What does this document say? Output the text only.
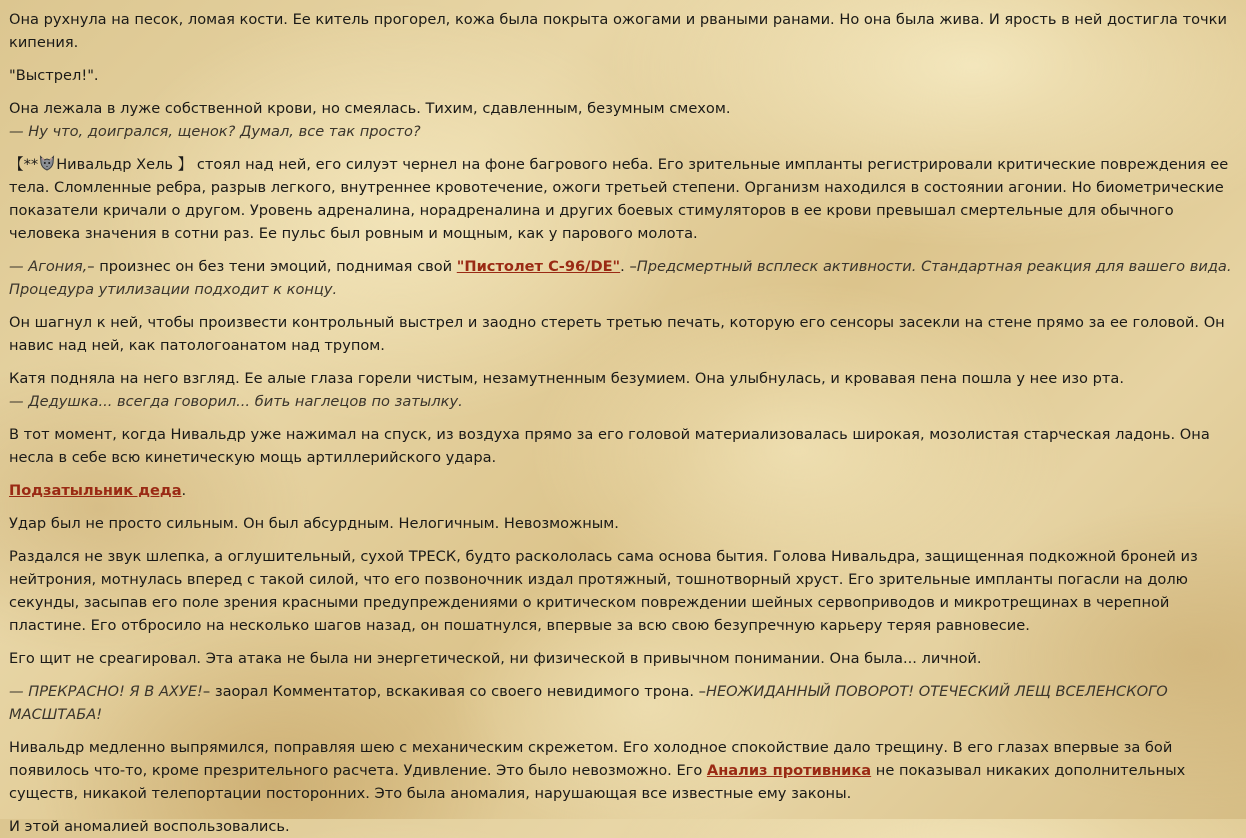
Она рухнула на песок, ломая кости. Ее китель прогорел, кожа была покрыта ожогами и рваными ранами. Но она была жива. И ярость в ней достигла точки кипения.

"Выстрел!".

Она лежала в луже собственной крови, но смеялась. Тихим, сдавленным, безумным смехом.
— Ну что, доигрался, щенок? Думал, все так просто?

【** Нивальдр Хель 】 стоял над ней, его силуэт чернел на фоне багрового неба. Его зрительные импланты регистрировали критические повреждения ее тела. Сломленные ребра, разрыв легкого, внутреннее кровотечение, ожоги третьей степени. Организм находился в состоянии агонии. Но биометрические показатели кричали о другом. Уровень адреналина, норадреналина и других боевых стимуляторов в ее крови превышал смертельные для обычного человека значения в сотни раз. Ее пульс был ровным и мощным, как у парового молота.

— Агония,– произнес он без тени эмоций, поднимая свой "Пистолет С-96/DE". –Предсмертный всплеск активности. Стандартная реакция для вашего вида. Процедура утилизации подходит к концу.

Он шагнул к ней, чтобы произвести контрольный выстрел и заодно стереть третью печать, которую его сенсоры засекли на стене прямо за ее головой. Он навис над ней, как патологоанатом над трупом.

Катя подняла на него взгляд. Ее алые глаза горели чистым, незамутненным безумием. Она улыбнулась, и кровавая пена пошла у нее изо рта.
— Дедушка... всегда говорил... бить наглецов по затылку.

В тот момент, когда Нивальдр уже нажимал на спуск, из воздуха прямо за его головой материализовалась широкая, мозолистая старческая ладонь. Она несла в себе всю кинетическую мощь артиллерийского удара.

Подзатыльник деда.

Удар был не просто сильным. Он был абсурдным. Нелогичным. Невозможным.

Раздался не звук шлепка, а оглушительный, сухой ТРЕСК, будто раскололась сама основа бытия. Голова Нивальдра, защищенная подкожной броней из нейтрония, мотнулась вперед с такой силой, что его позвоночник издал протяжный, тошнотворный хруст. Его зрительные импланты погасли на долю секунды, засыпав его поле зрения красными предупреждениями о критическом повреждении шейных сервоприводов и микротрещинах в черепной пластине. Его отбросило на несколько шагов назад, он пошатнулся, впервые за всю свою безупречную карьеру теряя равновесие.

Его щит не среагировал. Эта атака не была ни энергетической, ни физической в привычном понимании. Она была... личной.

— ПРЕКРАСНО! Я В АХУЕ!– заорал Комментатор, вскакивая со своего невидимого трона. –НЕОЖИДАННЫЙ ПОВОРОТ! ОТЕЧЕСКИЙ ЛЕЩ ВСЕЛЕНСКОГО МАСШТАБА!

Нивальдр медленно выпрямился, поправляя шею с механическим скрежетом. Его холодное спокойствие дало трещину. В его глазах впервые за бой появилось что-то, кроме презрительного расчета. Удивление. Это было невозможно. Его Анализ противника не показывал никаких дополнительных существ, никакой телепортации посторонних. Это была аномалия, нарушающая все известные ему законы.

И этой аномалией воспользовались.
